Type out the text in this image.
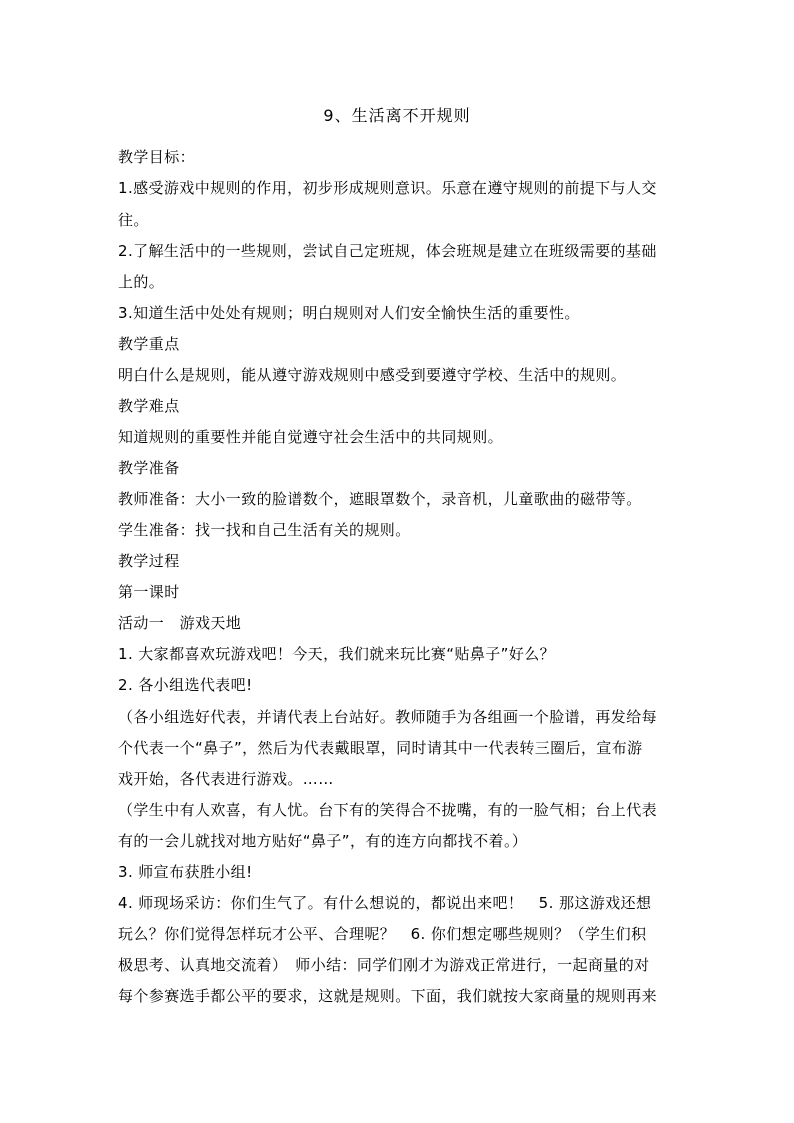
9、生活离不开规则
教学目标：
1.感受游戏中规则的作用，初步形成规则意识。乐意在遵守规则的前提下与人交
往。
2.了解生活中的一些规则，尝试自己定班规，体会班规是建立在班级需要的基础
上的。
3.知道生活中处处有规则；明白规则对人们安全愉快生活的重要性。
教学重点
明白什么是规则，能从遵守游戏规则中感受到要遵守学校、生活中的规则。
教学难点
知道规则的重要性并能自觉遵守社会生活中的共同规则。
教学准备
教师准备：大小一致的脸谱数个，遮眼罩数个，录音机，儿童歌曲的磁带等。
学生准备：找一找和自己生活有关的规则。
教学过程
第一课时
活动一　游戏天地
1. 大家都喜欢玩游戏吧！今天，我们就来玩比赛“贴鼻子”好么？
2. 各小组选代表吧!
（各小组选好代表，并请代表上台站好。教师随手为各组画一个脸谱，再发给每
个代表一个“鼻子”，然后为代表戴眼罩，同时请其中一代表转三圈后，宣布游
戏开始，各代表进行游戏。……
（学生中有人欢喜，有人忧。台下有的笑得合不拢嘴，有的一脸气相；台上代表
有的一会儿就找对地方贴好“鼻子”，有的连方向都找不着。）
3. 师宣布获胜小组!
4. 师现场采访：你们生气了。有什么想说的，都说出来吧！　5. 那这游戏还想
玩么？你们觉得怎样玩才公平、合理呢？　6. 你们想定哪些规则？（学生们积
极思考、认真地交流着）　师小结：同学们刚才为游戏正常进行，一起商量的对
每个参赛选手都公平的要求，这就是规则。下面，我们就按大家商量的规则再来
